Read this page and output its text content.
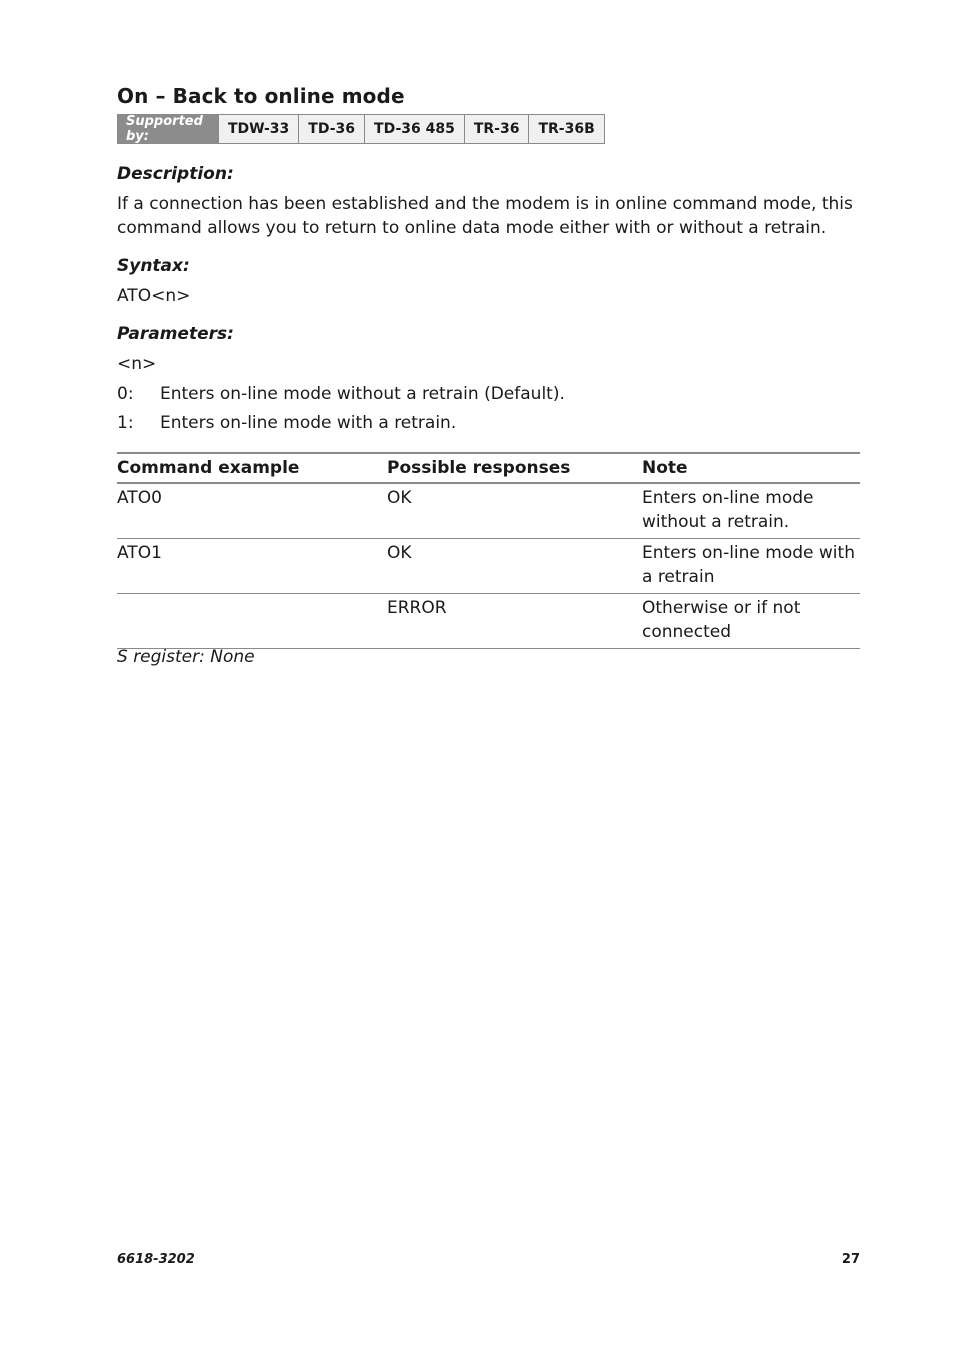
On – Back to online mode
Supported by:	TDW-33	TD-36	TD-36 485	TR-36	TR-36B
Description:
If a connection has been established and the modem is in online command mode, this command allows you to return to online data mode either with or without a retrain.
Syntax:
ATO<n>
Parameters:
<n>
0: Enters on-line mode without a retrain (Default).
1: Enters on-line mode with a retrain.
Command example	Possible responses	Note
ATO0	OK	Enters on-line mode without a retrain.
ATO1	OK	Enters on-line mode with a retrain
	ERROR	Otherwise or if not connected
S register: None
6618-3202	27
